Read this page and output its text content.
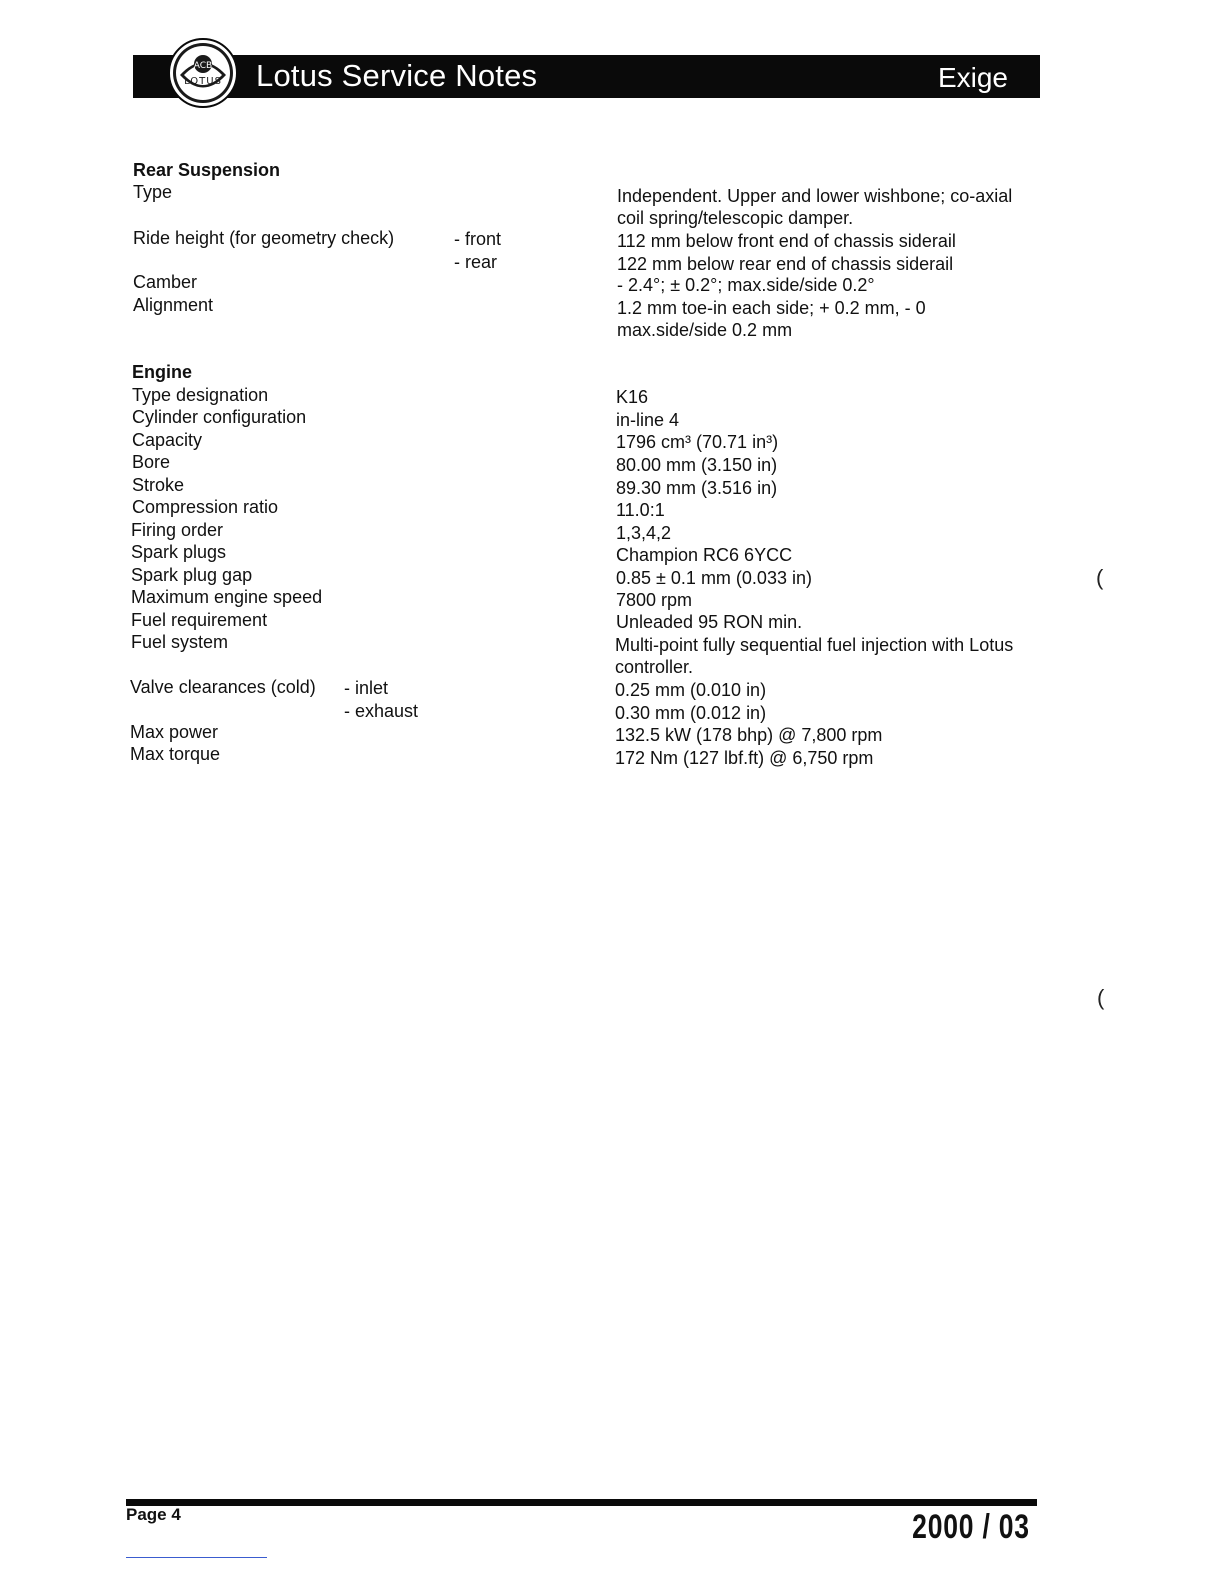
ACB
LOTUS Lotus Service Notes	Exige
Rear Suspension
Type	Independent. Upper and lower wishbone; co-axial
coil spring/telescopic damper.
Ride height (for geometry check)	- front	112 mm below front end of chassis siderail
- rear	122 mm below rear end of chassis siderail
Camber	- 2.4°; ± 0.2°; max.side/side 0.2°
Alignment	1.2 mm toe-in each side; + 0.2 mm, - 0
max.side/side 0.2 mm
Engine
Type designation	K16
Cylinder configuration	in-line 4
Capacity	1796 cm³ (70.71 in³)
Bore	80.00 mm (3.150 in)
Stroke	89.30 mm (3.516 in)
Compression ratio	11.0:1
Firing order	1,3,4,2
Spark plugs	Champion RC6 6YCC
Spark plug gap	0.85 ± 0.1 mm (0.033 in)
Maximum engine speed	7800 rpm
Fuel requirement	Unleaded 95 RON min.
Fuel system	Multi-point fully sequential fuel injection with Lotus
controller.
Valve clearances (cold) - inlet	0.25 mm (0.010 in)
- exhaust	0.30 mm (0.012 in)
Max power	132.5 kW (178 bhp) @ 7,800 rpm
Max torque	172 Nm (127 lbf.ft) @ 6,750 rpm
(
(
Page 4	2000 / 03
